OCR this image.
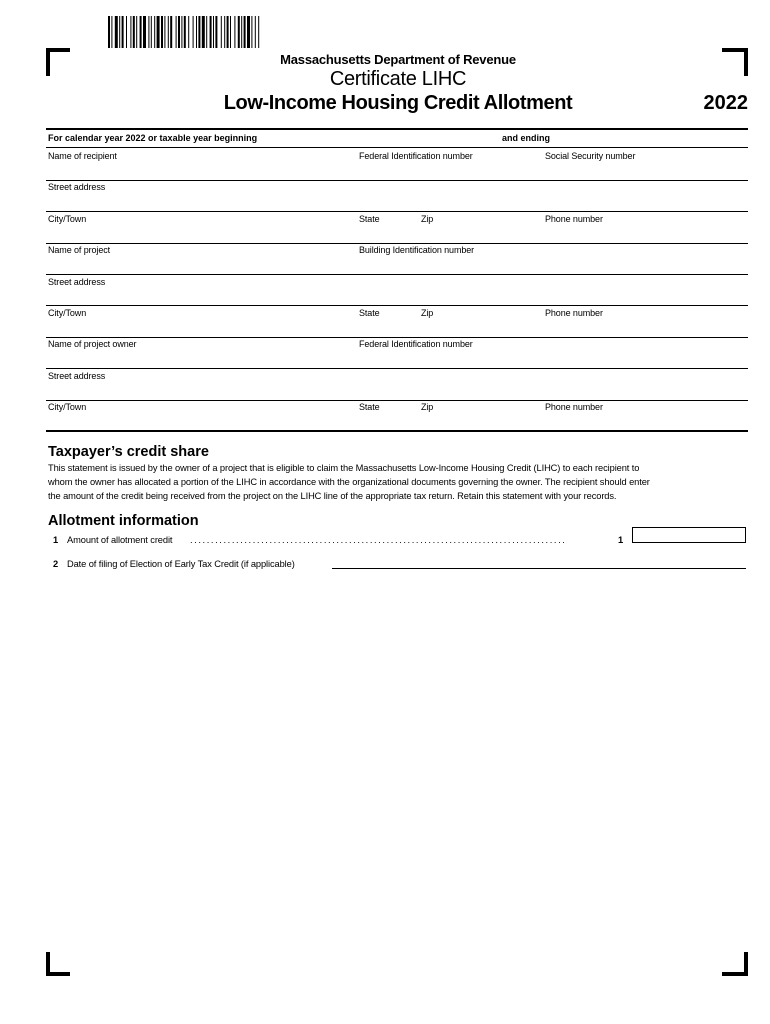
Massachusetts Department of Revenue
Certificate LIHC
Low-Income Housing Credit Allotment	2022
For calendar year 2022 or taxable year beginning	and ending
Name of recipient	Federal Identification number	Social Security number
Street address
City/Town	State	Zip	Phone number
Name of project	Building Identification number
Street address
City/Town	State	Zip	Phone number
Name of project owner	Federal Identification number
Street address
City/Town	State	Zip	Phone number
Taxpayer’s credit share
This statement is issued by the owner of a project that is eligible to claim the Massachusetts Low-Income Housing Credit (LIHC) to each recipient to
whom the owner has allocated a portion of the LIHC in accordance with the organizational documents governing the owner. The recipient should enter
the amount of the credit being received from the project on the LIHC line of the appropriate tax return. Retain this statement with your records.
Allotment information
1 Amount of allotment credit ..........................................................................................	1
2 Date of filing of Election of Early Tax Credit (if applicable)
